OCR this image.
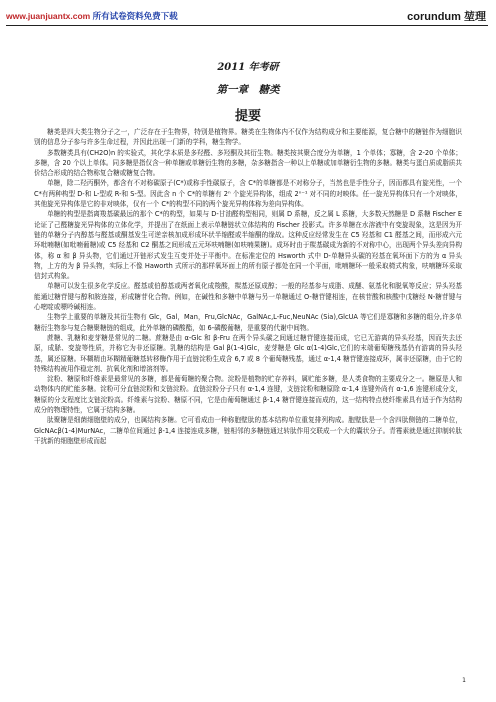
www.juanjuantx.com 所有试卷资料免费下载	corundum 堃理
2011 年考研
第一章　糖类
提要

糖类是四大类生物分子之一，广泛存在于生物界，特别是植物界。糖类在生物体内不仅作为结构成分和主要能源，复合糖中的糖链作为细胞识别的信息分子参与许多生命过程，并因此出现一门新的学科，糖生物学。

多数糖类具有(CH2O)n 的实验式，其化学本质是多羟醛、多羟酮及其衍生物。糖类按其聚合度分为单糖，1 个单体；寡糖，含 2-20 个单体；多糖，含 20 个以上单体。同多糖是指仅含一种单糖或单糖衍生物的多糖，杂多糖指含一种以上单糖或加单糖衍生物的多糖。糖类与蛋白质或脂质共价结合形成的结合物称复合糖或糖复合物。

单糖，除二羟丙酮外，都含有不对称碳原子(C*)或称手性碳原子，含 C*的单糖都是不对称分子，当然也是手性分子，因而都具有旋光性，一个 C*有两种构型 D-和 L-型或 R-和 S-型。因此含 n 个 C*的单糖有 2ⁿ 个旋光异构体，组成 2ⁿ⁻¹ 对不同的对映体。任一旋光异构体只有一个对映体，其他旋光异构体是它的非对映体，仅有一个 C*的构型不同的两个旋光异构体称为差向异构体。

单糖的构型是指离羧基碳最远的那个 C*的构型，如果与 D-甘油醛构型相同，则属 D 系糖，反之属 L 系糖，大多数天然糖是 D 系糖 Fischer E 论证了己醛糖旋光异构体的立体化学，并提出了在纸面上表示单糖链状立体结构的 Fischer 投影式。许多单糖在水溶液中有变旋现象，这是因为开链的单糖分子内醇基与醛基或酮基发生可逆亲核加成形成环状半缩醛或半缩酮的缘故。这种反应经常发生在 C5 羟基和 C1 醛基之间，而形成六元环吡喃糖(如吡喃葡糖)或 C5 经基和 C2 酮基之间形成五元环呋喃糖(如呋喃果糖)。成环时由于羰基碳成为新的不对称中心，出现两个异头差向异构体，称 α 和 β 异头物，它们通过开链形式发生互变并处于平衡中。在标准定位的 Hsworth 式中 D-单糖异头碳的羟基在氧环面下方的为 α 异头物，上方的为 β 异头物，实际上不像 Haworth 式所示的那样氧环面上的所有原子都处在同一个平面，吡喃糖环一般采取椅式构象，呋喃糖环采取信封式构象。

单糖可以发生很多化学反应。醛基或伯醇基或两者氧化成羧酸，羰基还原成醇；一般的羟基参与成脂、成醚、氨基化和脱氧等反应；异头羟基能通过糖苷键与醇和胺连接，形成糖苷化合物。例如，在碱性和多糖中单糖与另一单糖通过 O-糖苷键相连，在核苷酸和核酸中戊糖经 N-糖苷键与心嘧啶或嘌呤碱相连。

生物学上重要的单糖及其衍生物有 Glc，Gal，Man，Fru,GlcNAc，GalNAc,L-Fuc,NeuNAc (Sia),GlcUA 等它们是寡糖和多糖的组分,许多单糖衍生物参与复合糖聚糖链的组成，此外单糖的磷酸酯，如 6-磷酸葡糖，是重要的代谢中间物。

蔗糖、乳糖和麦芽糖是常见的二糖。蔗糖是由 α-Glc 和 β-Fru 在两个异头碳之间通过糖苷键连接而成，它已无游离的异头羟基，因而失去还原，成脎、变旋等性质，并称它为非还原糖。乳糖的结构是 Gal β(1-4)Glc，麦芽糖是 Glc α(1-4)Glc,它们的末端葡萄糖残基仍有游离的异头羟基，属还原糖。环糊精由环糊精葡糖基转移酶作用于直链淀粉生成含 6,7 或 8 个葡萄糖残基，通过 α-1,4 糖苷键连接成环，属非还原糖，由于它的特殊结构被用作稳定剂、抗氧化剂和增溶剂等。

淀粉、糖原和纤维素是最常见的多糖，都是葡萄糖的聚合物。淀粉是植物的贮存养料，属贮能多糖，是人类食物的主要成分之一。糖原是人和动物体内的贮能多糖。淀粉可分直链淀粉和支链淀粉。直链淀粉分子只有 α-1,4 连键，支链淀粉和糖原除 α-1,4 连键外尚有 α-1,6 连键形成分支，糖原的分支程度比支链淀粉高。纤维素与淀粉、糖原不同，它是由葡萄糖通过 β-1,4 糖苷键连接而成的，这一结构特点使纤维素具有适于作为结构成分的物理特性，它属于结构多糖。

肽聚糖是细菌细胞壁的成分，也属结构多糖。它可看成由一种称胞壁肽的基本结构单位重复排列构成。胞壁肽是一个含四肽侧链的二糖单位，GlcNAcβ(1-4)MurNAc，二糖单位间通过 β-1,4 连接连成多糖，链相邻的多糖链通过转肽作用交联成一个大的囊状分子。青霉素就是通过抑制转肽干扰新的细胞壁形成而起

1
